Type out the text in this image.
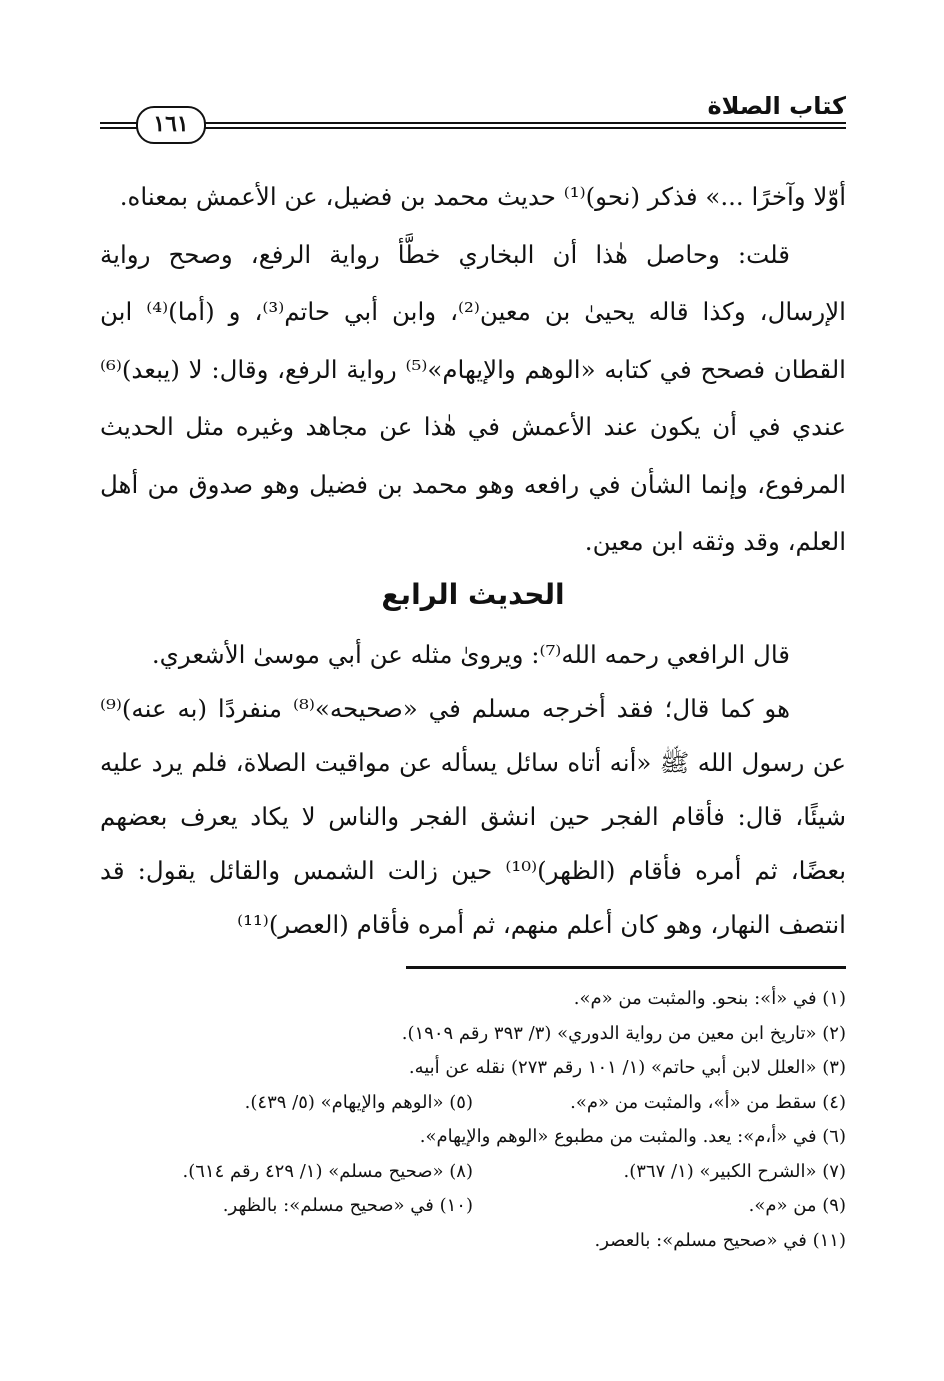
كتاب الصلاة
١٦١

أوّلا وآخرًا ...» فذكر (نحو)⁽¹⁾ حديث محمد بن فضيل، عن الأعمش بمعناه.

قلت: وحاصل هٰذا أن البخاري خطَّأ رواية الرفع، وصحح رواية الإرسال، وكذا قاله يحيىٰ بن معين⁽²⁾، وابن أبي حاتم⁽³⁾، و (أما)⁽⁴⁾ ابن القطان فصحح في كتابه «الوهم والإيهام»⁽⁵⁾ رواية الرفع، وقال: لا (يبعد)⁽⁶⁾ عندي في أن يكون عند الأعمش في هٰذا عن مجاهد وغيره مثل الحديث المرفوع، وإنما الشأن في رافعه وهو محمد بن فضيل وهو صدوق من أهل العلم، وقد وثقه ابن معين.

الحديث الرابع

قال الرافعي رحمه الله⁽⁷⁾: ويروىٰ مثله عن أبي موسىٰ الأشعري.

هو كما قال؛ فقد أخرجه مسلم في «صحيحه»⁽⁸⁾ منفردًا (به عنه)⁽⁹⁾ عن رسول الله ﷺ «أنه أتاه سائل يسأله عن مواقيت الصلاة، فلم يرد عليه شيئًا، قال: فأقام الفجر حين انشق الفجر والناس لا يكاد يعرف بعضهم بعضًا، ثم أمره فأقام (الظهر)⁽¹⁰⁾ حين زالت الشمس والقائل يقول: قد انتصف النهار، وهو كان أعلم منهم، ثم أمره فأقام (العصر)⁽¹¹⁾

(١) في «أ»: بنحو. والمثبت من «م».
(٢) «تاريخ ابن معين من رواية الدوري» (٣/ ٣٩٣ رقم ١٩٠٩).
(٣) «العلل لابن أبي حاتم» (١/ ١٠١ رقم ٢٧٣) نقله عن أبيه.
(٤) سقط من «أ»، والمثبت من «م».
(٥) «الوهم والإيهام» (٥/ ٤٣٩).
(٦) في «أ،م»: يعد. والمثبت من مطبوع «الوهم والإيهام».
(٧) «الشرح الكبير» (١/ ٣٦٧).
(٨) «صحيح مسلم» (١/ ٤٢٩ رقم ٦١٤).
(٩) من «م».
(١٠) في «صحيح مسلم»: بالظهر.
(١١) في «صحيح مسلم»: بالعصر.
